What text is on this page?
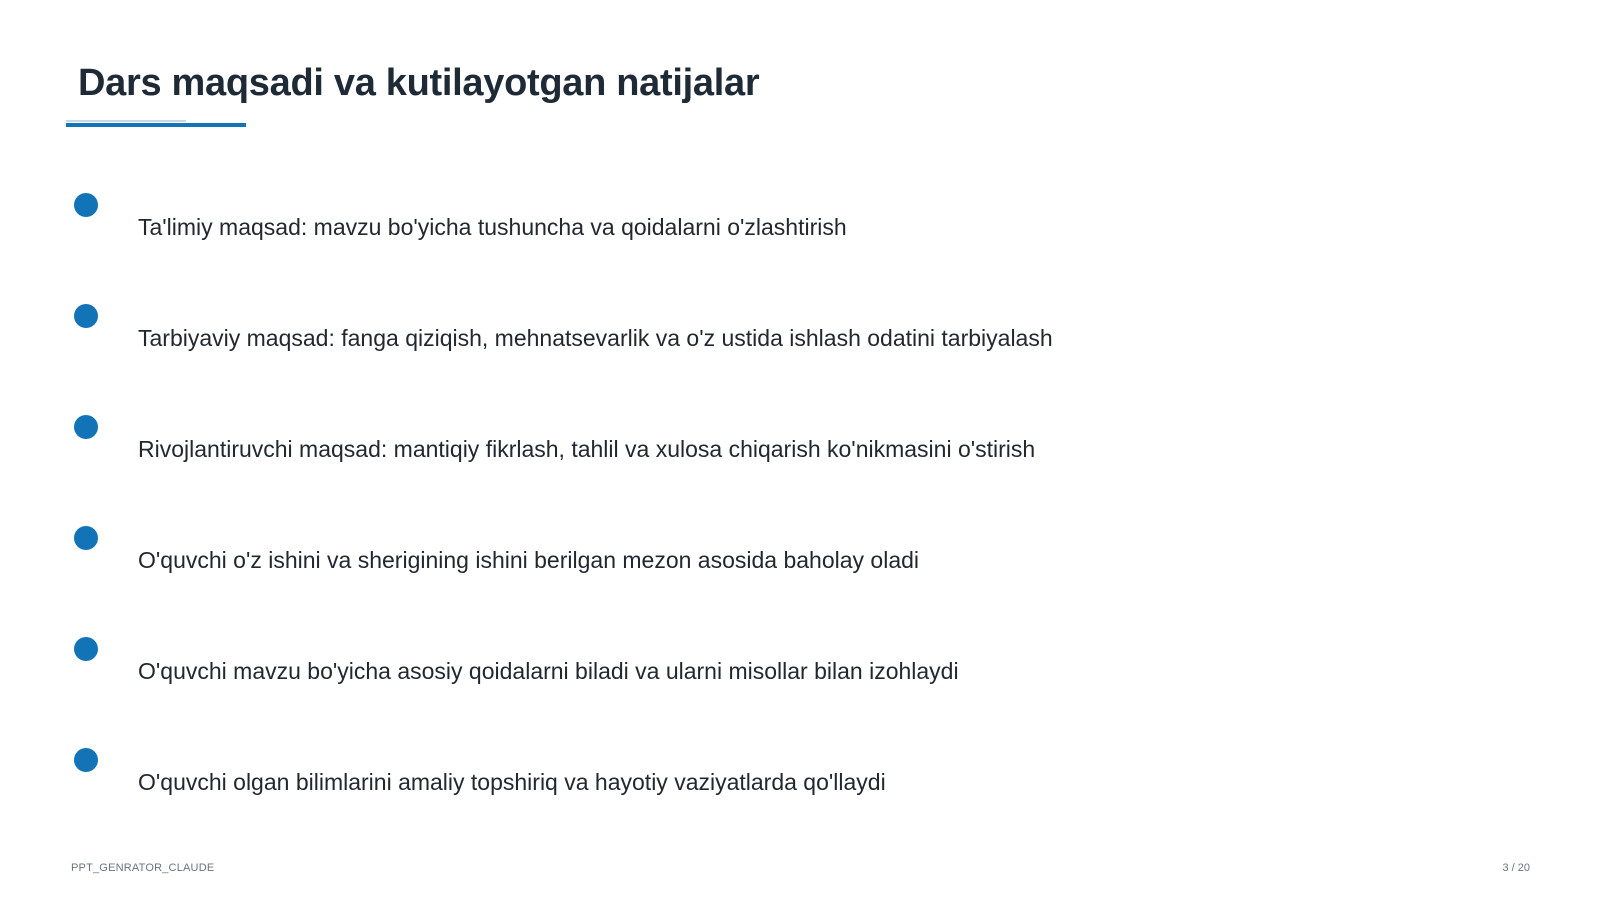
Dars maqsadi va kutilayotgan natijalar
Ta'limiy maqsad: mavzu bo'yicha tushuncha va qoidalarni o'zlashtirish
Tarbiyaviy maqsad: fanga qiziqish, mehnatsevarlik va o'z ustida ishlash odatini tarbiyalash
Rivojlantiruvchi maqsad: mantiqiy fikrlash, tahlil va xulosa chiqarish ko'nikmasini o'stirish
O'quvchi o'z ishini va sherigining ishini berilgan mezon asosida baholay oladi
O'quvchi mavzu bo'yicha asosiy qoidalarni biladi va ularni misollar bilan izohlaydi
O'quvchi olgan bilimlarini amaliy topshiriq va hayotiy vaziyatlarda qo'llaydi
PPT_GENRATOR_CLAUDE	3 / 20
